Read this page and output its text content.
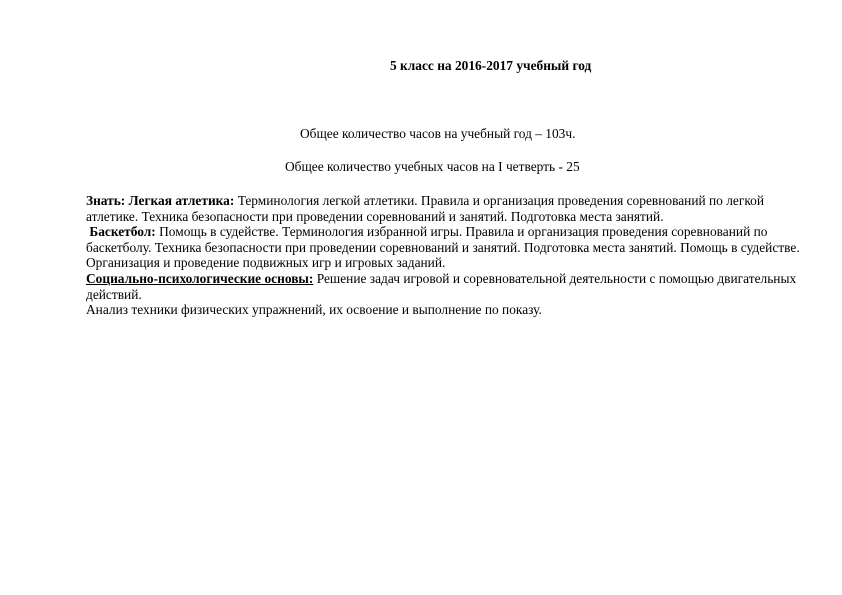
5 класс на 2016-2017 учебный год
Общее количество часов на учебный год – 103ч.
Общее количество учебных часов на I четверть - 25

Знать: Легкая атлетика: Терминология легкой атлетики. Правила и организация проведения соревнований по легкой атлетике. Техника безопасности при проведении соревнований и занятий. Подготовка места занятий.

Баскетбол: Помощь в судействе. Терминология избранной игры. Правила и организация проведения соревнований по баскетболу. Техника безопасности при проведении соревнований и занятий. Подготовка места занятий. Помощь в судействе. Организация и проведение подвижных игр и игровых заданий.

Социально-психологические основы: Решение задач игровой и соревновательной деятельности с помощью двигательных действий.

Анализ техники физических упражнений, их освоение и выполнение по показу.
